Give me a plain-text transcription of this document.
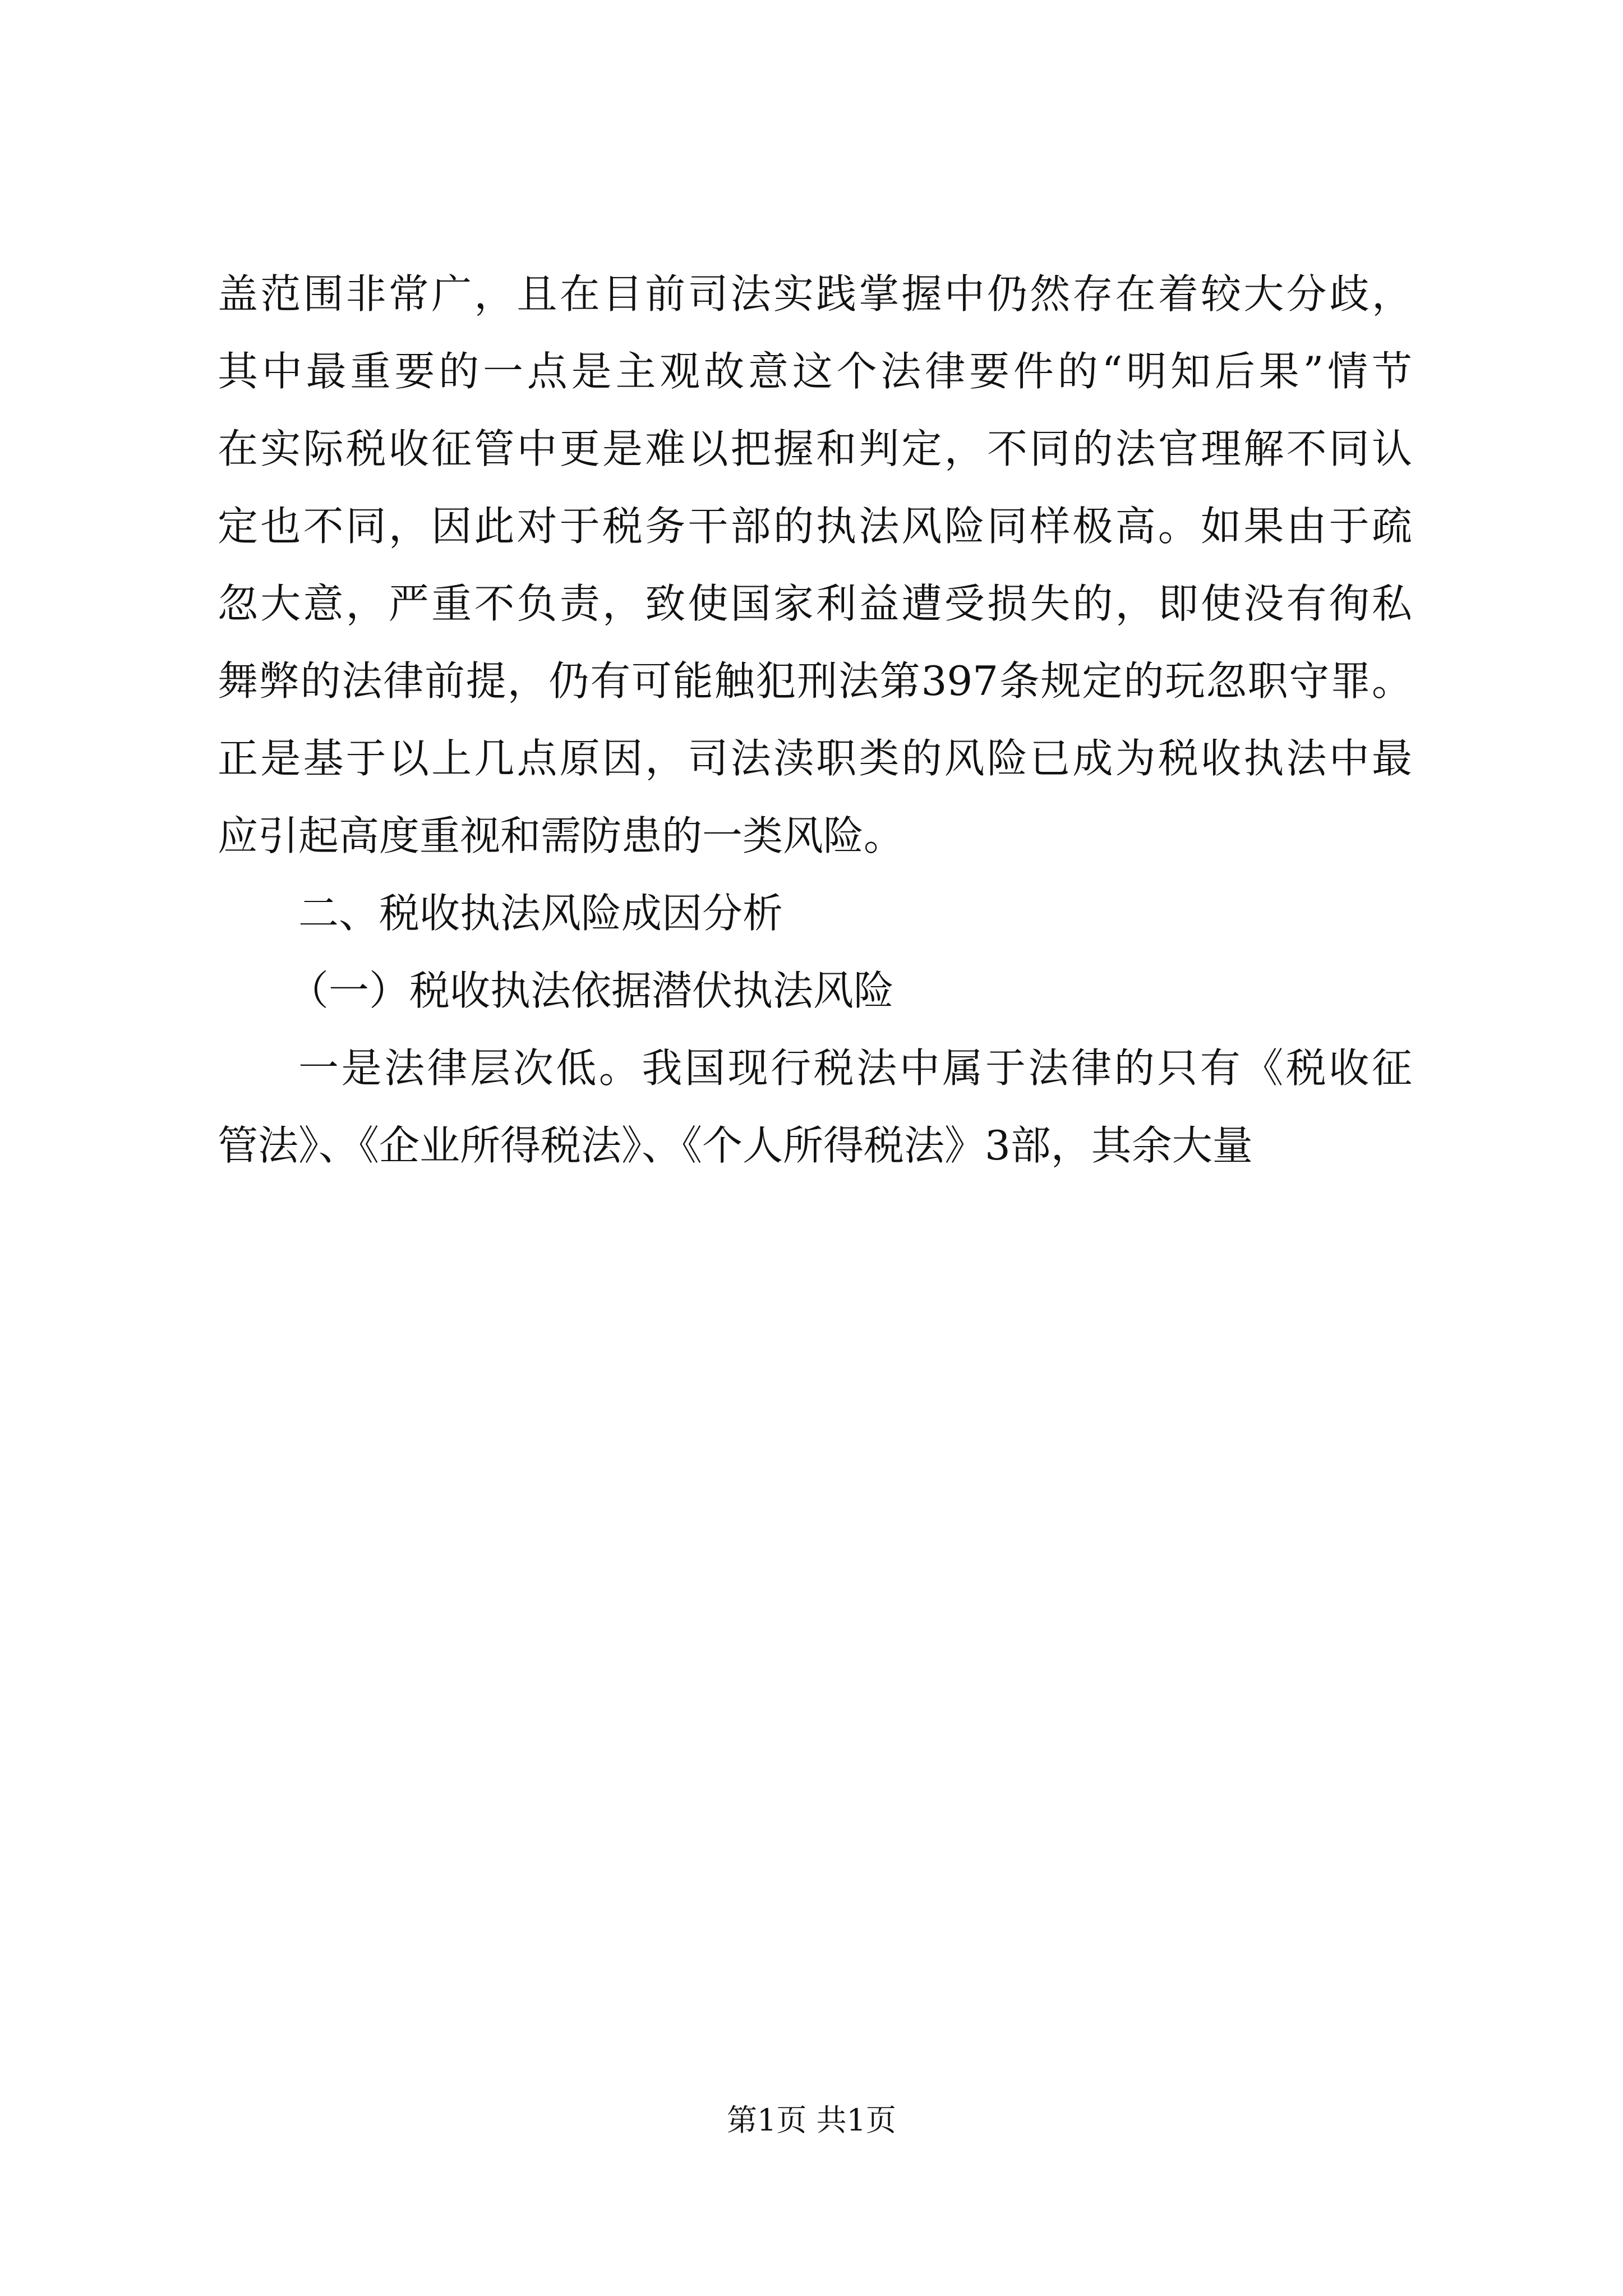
盖范围非常广，且在目前司法实践掌握中仍然存在着较大分歧，
其中最重要的一点是主观故意这个法律要件的“明知后果”情节
在实际税收征管中更是难以把握和判定，不同的法官理解不同认
定也不同，因此对于税务干部的执法风险同样极高。如果由于疏
忽大意，严重不负责，致使国家利益遭受损失的，即使没有徇私
舞弊的法律前提，仍有可能触犯刑法第397条规定的玩忽职守罪。
正是基于以上几点原因，司法渎职类的风险已成为税收执法中最
应引起高度重视和需防患的一类风险。
二、税收执法风险成因分析
（一）税收执法依据潜伏执法风险
一是法律层次低。我国现行税法中属于法律的只有《税收征
管法》、《企业所得税法》、《个人所得税法》3部，其余大量
第1页 共1页
